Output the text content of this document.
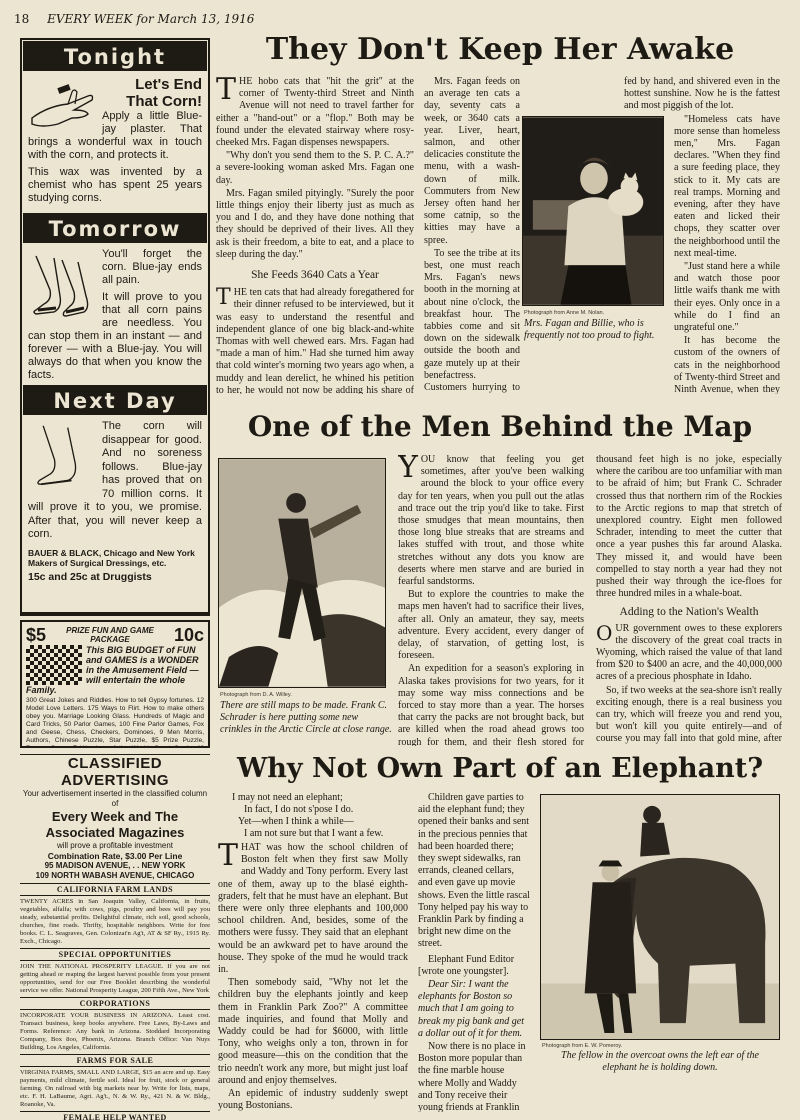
18 EVERY WEEK for March 13, 1916
Tonight
Let's End That Corn!
Apply a little Blue-jay plaster. That brings a wonderful wax in touch with the corn, and protects it.
This wax was invented by a chemist who has spent 25 years studying corns.
Tomorrow
You'll forget the corn. Blue-jay ends all pain.
It will prove to you that all corn pains are needless. You can stop them in an instant — and forever — with a Blue-jay. You will always do that when you know the facts.
Next Day
The corn will disappear for good. And no soreness follows. Blue-jay has proved that on 70 million corns. It will prove it to you, we promise. After that, you will never keep a corn.
BAUER & BLACK, Chicago and New York Makers of Surgical Dressings, etc.
15c and 25c at Druggists
$5	PRIZE FUN AND GAME PACKAGE	10c
This BIG BUDGET of FUN and GAMES is a WONDER in the Amusement Field — will entertain the whole Family.
300 Great Jokes and Riddles. How to tell Gypsy fortunes. 12 Model Love Letters. 175 Ways to Flirt. How to make others obey you. Marriage Looking Glass. Hundreds of Magic and Card Tricks, 50 Parlor Games, 100 Fine Parlor Games, Fox and Geese, Chess, Checkers, Dominoes, 9 Men Morris, Authors, Chinese Puzzle, Star Puzzle, $5 Prize Puzzle,
CLASSIFIED ADVERTISING
Your advertisement inserted in the classified column of
Every Week and The Associated Magazines
will prove a profitable investment
Combination Rate, $3.00 Per Line
95 MADISON AVENUE, . . NEW YORK
109 NORTH WABASH AVENUE, CHICAGO
CALIFORNIA FARM LANDS
TWENTY ACRES in San Joaquin Valley, California, in fruits, vegetables, alfalfa; with cows, pigs, poultry and bees will pay you steady, substantial profits. Delightful climate, rich soil, good schools, churches, fine roads. Thrifty, hospitable neighbors. Write for free books. C. L. Seagraves, Gen. Colonizat'n Ag't, AT & SF Ry., 1915 Ry. Exch., Chicago.
SPECIAL OPPORTUNITIES
JOIN THE NATIONAL PROSPERITY LEAGUE. If you are not getting ahead or reaping the largest harvest possible from your present opportunities, send for our Free Booklet describing the wonderful service we offer. National Prosperity League, 200 Fifth Ave., New York
CORPORATIONS
INCORPORATE YOUR BUSINESS IN ARIZONA. Least cost. Transact business, keep books anywhere. Free Laws, By-Laws and Forms. Reference: Any bank in Arizona. Stoddard Incorporating Company, Box 8oo, Phoenix, Arizona. Branch Office: Van Nuys Building, Los Angeles, California.
FARMS FOR SALE
VIRGINIA FARMS, SMALL AND LARGE, $15 an acre and up. Easy payments, mild climate, fertile soil. Ideal for fruit, stock or general farming. On railroad with big markets near by. Write for lists, maps, etc. F. H. LaBaume, Agri. Ag't., N. & W. Ry., 421 N. & W. Bldg., Roanoke, Va.
FEMALE HELP WANTED
They Don't Keep Her Awake

THE hobo cats that "hit the grit" at the corner of Twenty-third Street and Ninth Avenue will not need to travel farther for either a "hand-out" or a "flop." Both may be found under the elevated stairway where rosy-cheeked Mrs. Fagan dispenses newspapers.

"Why don't you send them to the S. P. C. A.?" a severe-looking woman asked Mrs. Fagan one day.

Mrs. Fagan smiled pityingly. "Surely the poor little things enjoy their liberty just as much as you and I do, and they have done nothing that they should be deprived of their lives. All they ask is their freedom, a bite to eat, and a place to sleep during the day."

She Feeds 3640 Cats a Year

THE ten cats that had already foregathered for their dinner refused to be interviewed, but it was easy to understand the resentful and independent glance of one big black-and-white Thomas with well chewed ears. Mrs. Fagan had "made a man of him." Had she turned him away that cold winter's morning two years ago when, a muddy and lean derelict, he whined his petition to her, he would not now be adding his share of

Mrs. Fagan feeds on an average ten cats a day, seventy cats a week, or 3640 cats a year. Liver, heart, salmon, and other delicacies constitute the menu, with a wash-down of milk. Commuters from New Jersey often hand her some catnip, so the kitties may have a spree.

To see the tribe at its best, one must reach Mrs. Fagan's news booth in the morning at about nine o'clock, the breakfast hour. The tabbies come and sit down on the sidewalk outside the booth and gaze mutely up at their benefactress. Customers hurrying to

Photograph from Anne M. Nolan.
Mrs. Fagan and Billie, who is frequently not too proud to fight.

fed by hand, and shivered even in the hottest sunshine. Now he is the fattest and most piggish of the lot.

"Homeless cats have more sense than homeless men," Mrs. Fagan declares. "When they find a sure feeding place, they stick to it. My cats are real tramps. Morning and evening, after they have eaten and licked their chops, they scatter over the neighborhood until the next meal-time.

"Just stand here a while and watch those poor little waifs thank me with their eyes. Only once in a while do I find an ungrateful one."

It has become the custom of the owners of cats in the neighborhood of Twenty-third Street and Ninth Avenue, when they

One of the Men Behind the Map
Photograph from D. A. Willey.
There are still maps to be made. Frank C. Schrader is here putting some new crinkles in the Arctic Circle at close range.

YOU know that feeling you get sometimes, after you've been walking around the block to your office every day for ten years, when you pull out the atlas and trace out the trip you'd like to take. First those smudges that mean mountains, then those long blue streaks that are streams and lakes stuffed with trout, and those white stretches without any dots you know are deserts where men starve and are buried in fearful sandstorms.

But to explore the countries to make the maps men haven't had to sacrifice their lives, after all. Only an amateur, they say, meets adventure. Every accident, every danger of delay, of starvation, of getting lost, is foreseen.

An expedition for a season's exploring in Alaska takes provisions for two years, for it may some way miss connections and be forced to stay more than a year. The horses that carry the packs are not brought back, but are killed when the road ahead grows too rough for them, and their flesh stored for

thousand feet high is no joke, especially where the caribou are too unfamiliar with man to be afraid of him; but Frank C. Schrader crossed thus that northern rim of the Rockies to the Arctic regions to map that stretch of unexplored country. Eight men followed Schrader, intending to meet the cutter that once a year pushes this far around Alaska. They missed it, and would have been compelled to stay north a year had they not pushed their way through the ice-floes for three hundred miles in a whale-boat.

Adding to the Nation's Wealth

OUR government owes to these explorers the discovery of the great coal tracts in Wyoming, which raised the value of that land from $20 to $400 an acre, and the 40,000,000 acres of a precious phosphate in Idaho.

So, if two weeks at the sea-shore isn't really exciting enough, there is a real business you can try, which will freeze you and rend you, but won't kill you quite entirely—and of course you may fall into that gold mine, after

Why Not Own Part of an Elephant?
I may not need an elephant;
In fact, I do not s'pose I do.
Yet—when I think a while—
I am not sure but that I want a few.

THAT was how the school children of Boston felt when they first saw Molly and Waddy and Tony perform. Every last one of them, away up to the blasé eighth-graders, felt that he must have an elephant. But there were only three elephants and 100,000 school children. And, besides, some of the mothers were fussy. They said that an elephant would be an awkward pet to have around the house. They spoke of the mud he would track in.

Then somebody said, "Why not let the children buy the elephants jointly and keep them in Franklin Park Zoo?" A committee made inquiries, and found that Molly and Waddy could be had for $6000, with little Tony, who weighs only a ton, thrown in for good measure—this on the condition that the trio needn't work any more, but might just loaf around and enjoy themselves.

An epidemic of industry suddenly swept young Bostonians.

Children gave parties to aid the elephant fund; they opened their banks and sent in the precious pennies that had been hoarded there; they swept sidewalks, ran errands, cleaned cellars, and even gave up movie shows. Even the little rascal Tony helped pay his way to Franklin Park by finding a bright new dime on the street.

Elephant Fund Editor [wrote one youngster].

Dear Sir: I want the elephants for Boston so much that I am going to break my pig bank and get a dollar out of it for them.

Now there is no place in Boston more popular than the fine marble house where Molly and Waddy and Tony receive their young friends at Franklin

Photograph from E. W. Pomeroy.
The fellow in the overcoat owns the left ear of the elephant he is holding down.
